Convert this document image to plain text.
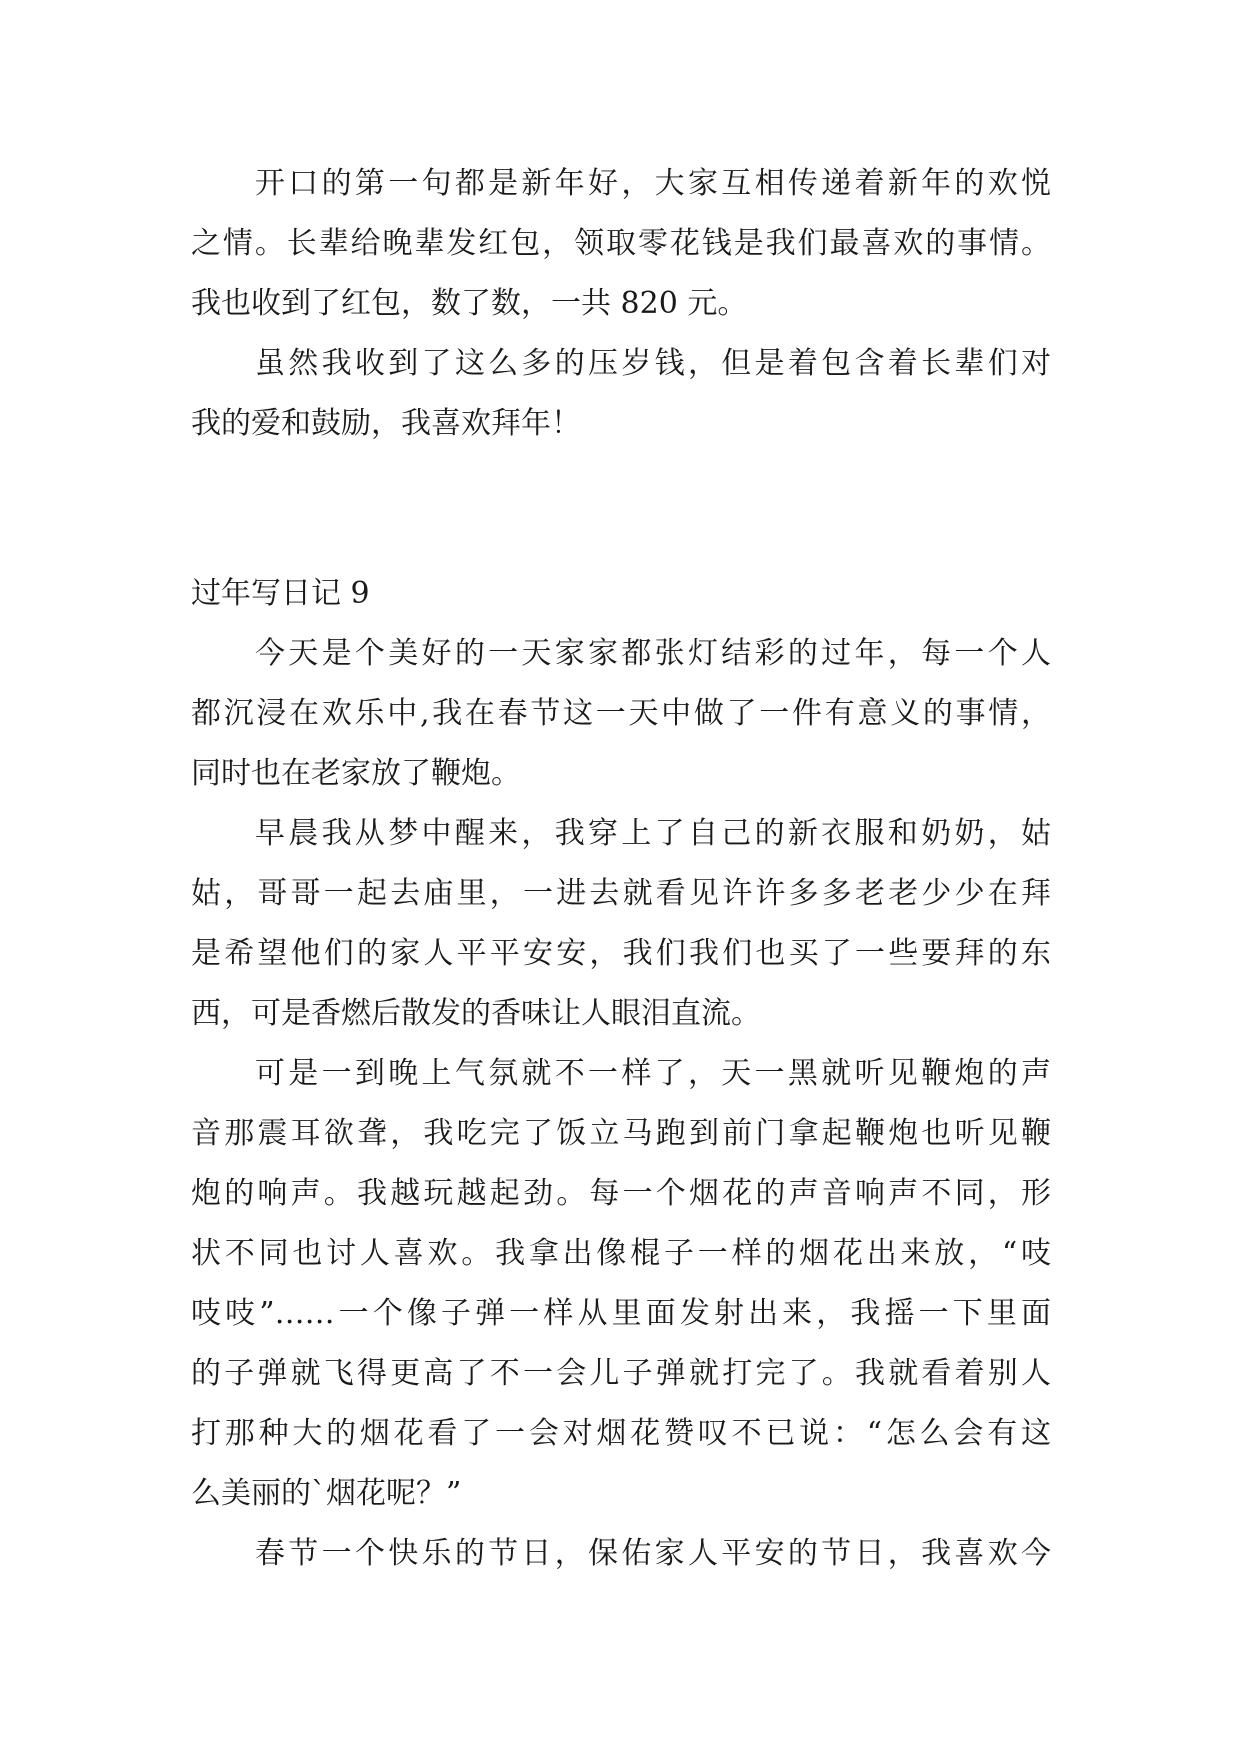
开口的第一句都是新年好，大家互相传递着新年的欢悦
之情。长辈给晚辈发红包，领取零花钱是我们最喜欢的事情。
我也收到了红包，数了数，一共 820 元。
虽然我收到了这么多的压岁钱，但是着包含着长辈们对
我的爱和鼓励，我喜欢拜年！
过年写日记 9
今天是个美好的一天家家都张灯结彩的过年，每一个人
都沉浸在欢乐中,我在春节这一天中做了一件有意义的事情，
同时也在老家放了鞭炮。
早晨我从梦中醒来，我穿上了自己的新衣服和奶奶，姑
姑，哥哥一起去庙里，一进去就看见许许多多老老少少在拜
是希望他们的家人平平安安，我们我们也买了一些要拜的东
西，可是香燃后散发的香味让人眼泪直流。
可是一到晚上气氛就不一样了，天一黑就听见鞭炮的声
音那震耳欲聋，我吃完了饭立马跑到前门拿起鞭炮也听见鞭
炮的响声。我越玩越起劲。每一个烟花的声音响声不同，形
状不同也讨人喜欢。我拿出像棍子一样的烟花出来放，“吱
吱吱”……一个像子弹一样从里面发射出来，我摇一下里面
的子弹就飞得更高了不一会儿子弹就打完了。我就看着别人
打那种大的烟花看了一会对烟花赞叹不已说：“怎么会有这
么美丽的`烟花呢？”
春节一个快乐的节日，保佑家人平安的节日，我喜欢今
